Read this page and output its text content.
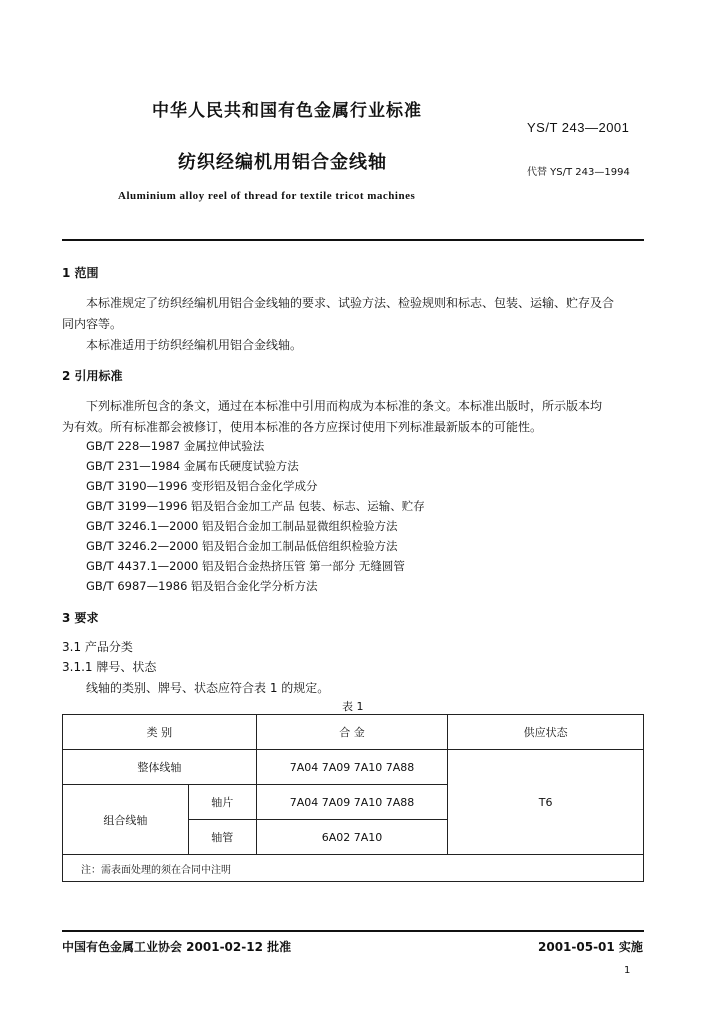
中华人民共和国有色金属行业标准
YS/T 243—2001
纺织经编机用铝合金线轴	代替 YS/T 243—1994
Aluminium alloy reel of thread for textile tricot machines
1 范围
本标准规定了纺织经编机用铝合金线轴的要求、试验方法、检验规则和标志、包装、运输、贮存及合
同内容等。
本标准适用于纺织经编机用铝合金线轴。
2 引用标准
下列标准所包含的条文，通过在本标准中引用而构成为本标准的条文。本标准出版时，所示版本均
为有效。所有标准都会被修订，使用本标准的各方应探讨使用下列标准最新版本的可能性。
GB/T 228—1987 金属拉伸试验法
GB/T 231—1984 金属布氏硬度试验方法
GB/T 3190—1996 变形铝及铝合金化学成分
GB/T 3199—1996 铝及铝合金加工产品 包装、标志、运输、贮存
GB/T 3246.1—2000 铝及铝合金加工制品显微组织检验方法
GB/T 3246.2—2000 铝及铝合金加工制品低倍组织检验方法
GB/T 4437.1—2000 铝及铝合金热挤压管 第一部分 无缝圆管
GB/T 6987—1986 铝及铝合金化学分析方法
3 要求
3.1 产品分类
3.1.1 牌号、状态
线轴的类别、牌号、状态应符合表 1 的规定。
表 1
类 别		合 金	供应状态
整体线轴		7A04 7A09 7A10 7A88	T6
组合线轴	轴片	7A04 7A09 7A10 7A88	
	轴管	6A02 7A10	
注：需表面处理的须在合同中注明			
中国有色金属工业协会 2001-02-12 批准	2001-05-01 实施
1
